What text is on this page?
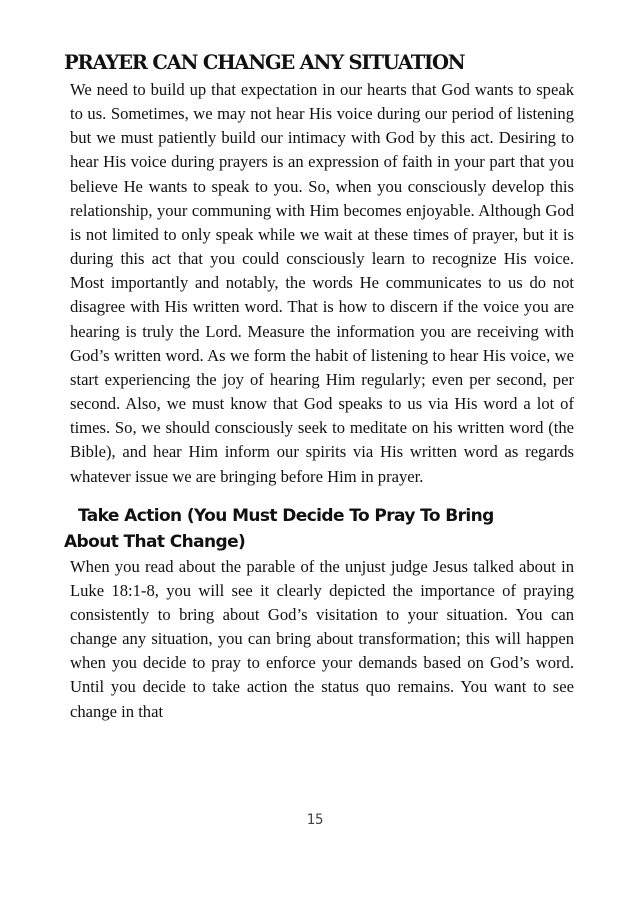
PRAYER CAN CHANGE ANY SITUATION

We need to build up that expectation in our hearts that God wants to speak to us. Sometimes, we may not hear His voice during our period of listening but we must patiently build our intimacy with God by this act. Desiring to hear His voice during prayers is an expression of faith in your part that you believe He wants to speak to you. So, when you consciously develop this relationship, your communing with Him becomes enjoyable. Although God is not limited to only speak while we wait at these times of prayer, but it is during this act that you could consciously learn to recognize His voice. Most importantly and notably, the words He communicates to us do not disagree with His written word. That is how to discern if the voice you are hearing is truly the Lord. Measure the information you are receiving with God’s written word. As we form the habit of listening to hear His voice, we start experiencing the joy of hearing Him regularly; even per second, per second. Also, we must know that God speaks to us via His word a lot of times. So, we should consciously seek to meditate on his written word (the Bible), and hear Him inform our spirits via His written word as regards whatever issue we are bringing before Him in prayer.

Take Action (You Must Decide To Pray To Bring
About That Change)

When you read about the parable of the unjust judge Jesus talked about in Luke 18:1-8, you will see it clearly depicted the importance of praying consistently to bring about God’s visitation to your situation. You can change any situation, you can bring about transformation; this will happen when you decide to pray to enforce your demands based on God’s word. Until you decide to take action the status quo remains. You want to see change in that

15
